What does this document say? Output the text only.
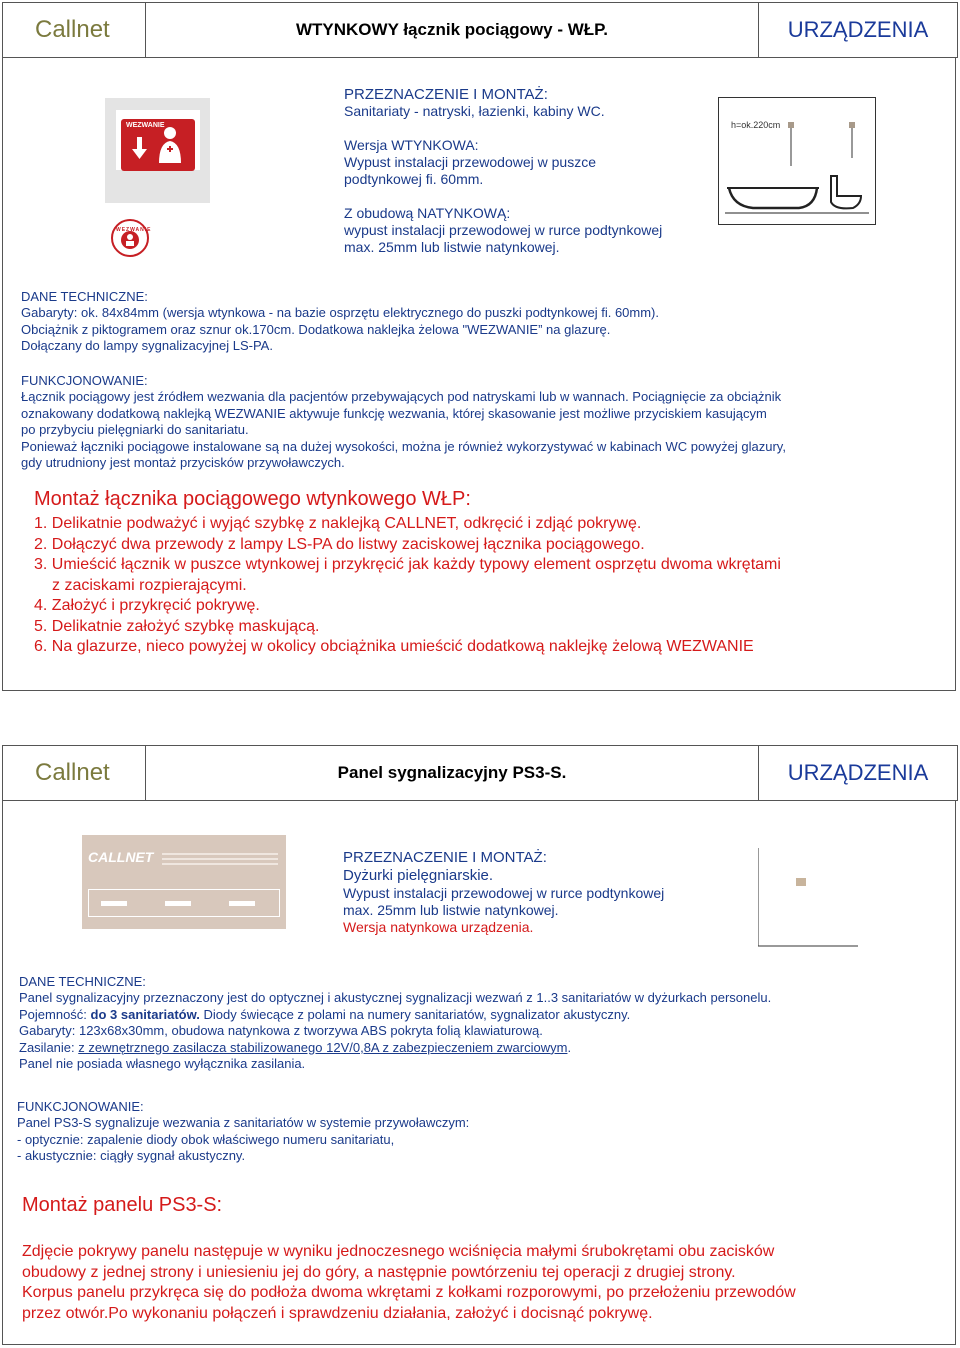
Callnet	WTYNKOWY łącznik pociągowy - WŁP.	URZĄDZENIA
WEZWANIE
WEZWANIE

PRZEZNACZENIE I MONTAŻ:

Sanitariaty - natryski, łazienki, kabiny WC.

Wersja WTYNKOWA:

Wypust instalacji przewodowej w puszce

podtynkowej fi. 60mm.

Z obudową NATYNKOWĄ:

wypust instalacji przewodowej w rurce podtynkowej

max. 25mm lub listwie natynkowej.

h=ok.220cm

DANE TECHNICZNE:

Gabaryty: ok. 84x84mm (wersja wtynkowa - na bazie osprzętu elektrycznego do puszki podtynkowej fi. 60mm).

Obciążnik z piktogramem oraz sznur ok.170cm. Dodatkowa naklejka żelowa "WEZWANIE” na glazurę.

Dołączany do lampy sygnalizacyjnej LS-PA.

FUNKCJONOWANIE:

Łącznik pociągowy jest źródłem wezwania dla pacjentów przebywających pod natryskami lub w wannach. Pociągnięcie za obciążnik

oznakowany dodatkową naklejką WEZWANIE aktywuje funkcję wezwania, której skasowanie jest możliwe przyciskiem kasującym

po przybyciu pielęgniarki do sanitariatu.

Ponieważ łączniki pociągowe instalowane są na dużej wysokości, można je również wykorzystywać w kabinach WC powyżej glazury,

gdy utrudniony jest montaż przycisków przywoławczych.

Montaż łącznika pociągowego wtynkowego WŁP:

1. Delikatnie podważyć i wyjąć szybkę z naklejką CALLNET, odkręcić i zdjąć pokrywę.

2. Dołączyć dwa przewody z lampy LS-PA do listwy zaciskowej łącznika pociągowego.

3. Umieścić łącznik w puszce wtynkowej i przykręcić jak każdy typowy element osprzętu dwoma wkrętami

z zaciskami rozpierającymi.

4. Założyć i przykręcić pokrywę.

5. Delikatnie założyć szybkę maskującą.

6. Na glazurze, nieco powyżej w okolicy obciążnika umieścić dodatkową naklejkę żelową WEZWANIE

Callnet	Panel sygnalizacyjny PS3-S.	URZĄDZENIA
CALLNET	PRZEZNACZENIE I MONTAŻ:

Dyżurki pielęgniarskie.

Wypust instalacji przewodowej w rurce podtynkowej

max. 25mm lub listwie natynkowej.

Wersja natynkowa urządzenia.

DANE TECHNICZNE:

Panel sygnalizacyjny przeznaczony jest do optycznej i akustycznej sygnalizacji wezwań z 1..3 sanitariatów w dyżurkach personelu.

Pojemność: do 3 sanitariatów. Diody świecące z polami na numery sanitariatów, sygnalizator akustyczny.

Gabaryty: 123x68x30mm, obudowa natynkowa z tworzywa ABS pokryta folią klawiaturową.

Zasilanie: z zewnętrznego zasilacza stabilizowanego 12V/0,8A z zabezpieczeniem zwarciowym.

Panel nie posiada własnego wyłącznika zasilania.

FUNKCJONOWANIE:

Panel PS3-S sygnalizuje wezwania z sanitariatów w systemie przywoławczym:

- optycznie: zapalenie diody obok właściwego numeru sanitariatu,

- akustycznie: ciągły sygnał akustyczny.

Montaż panelu PS3-S:

Zdjęcie pokrywy panelu następuje w wyniku jednoczesnego wciśnięcia małymi śrubokrętami obu zacisków

obudowy z jednej strony i uniesieniu jej do góry, a następnie powtórzeniu tej operacji z drugiej strony.

Korpus panelu przykręca się do podłoża dwoma wkrętami z kołkami rozporowymi, po przełożeniu przewodów

przez otwór.Po wykonaniu połączeń i sprawdzeniu działania, założyć i docisnąć pokrywę.
